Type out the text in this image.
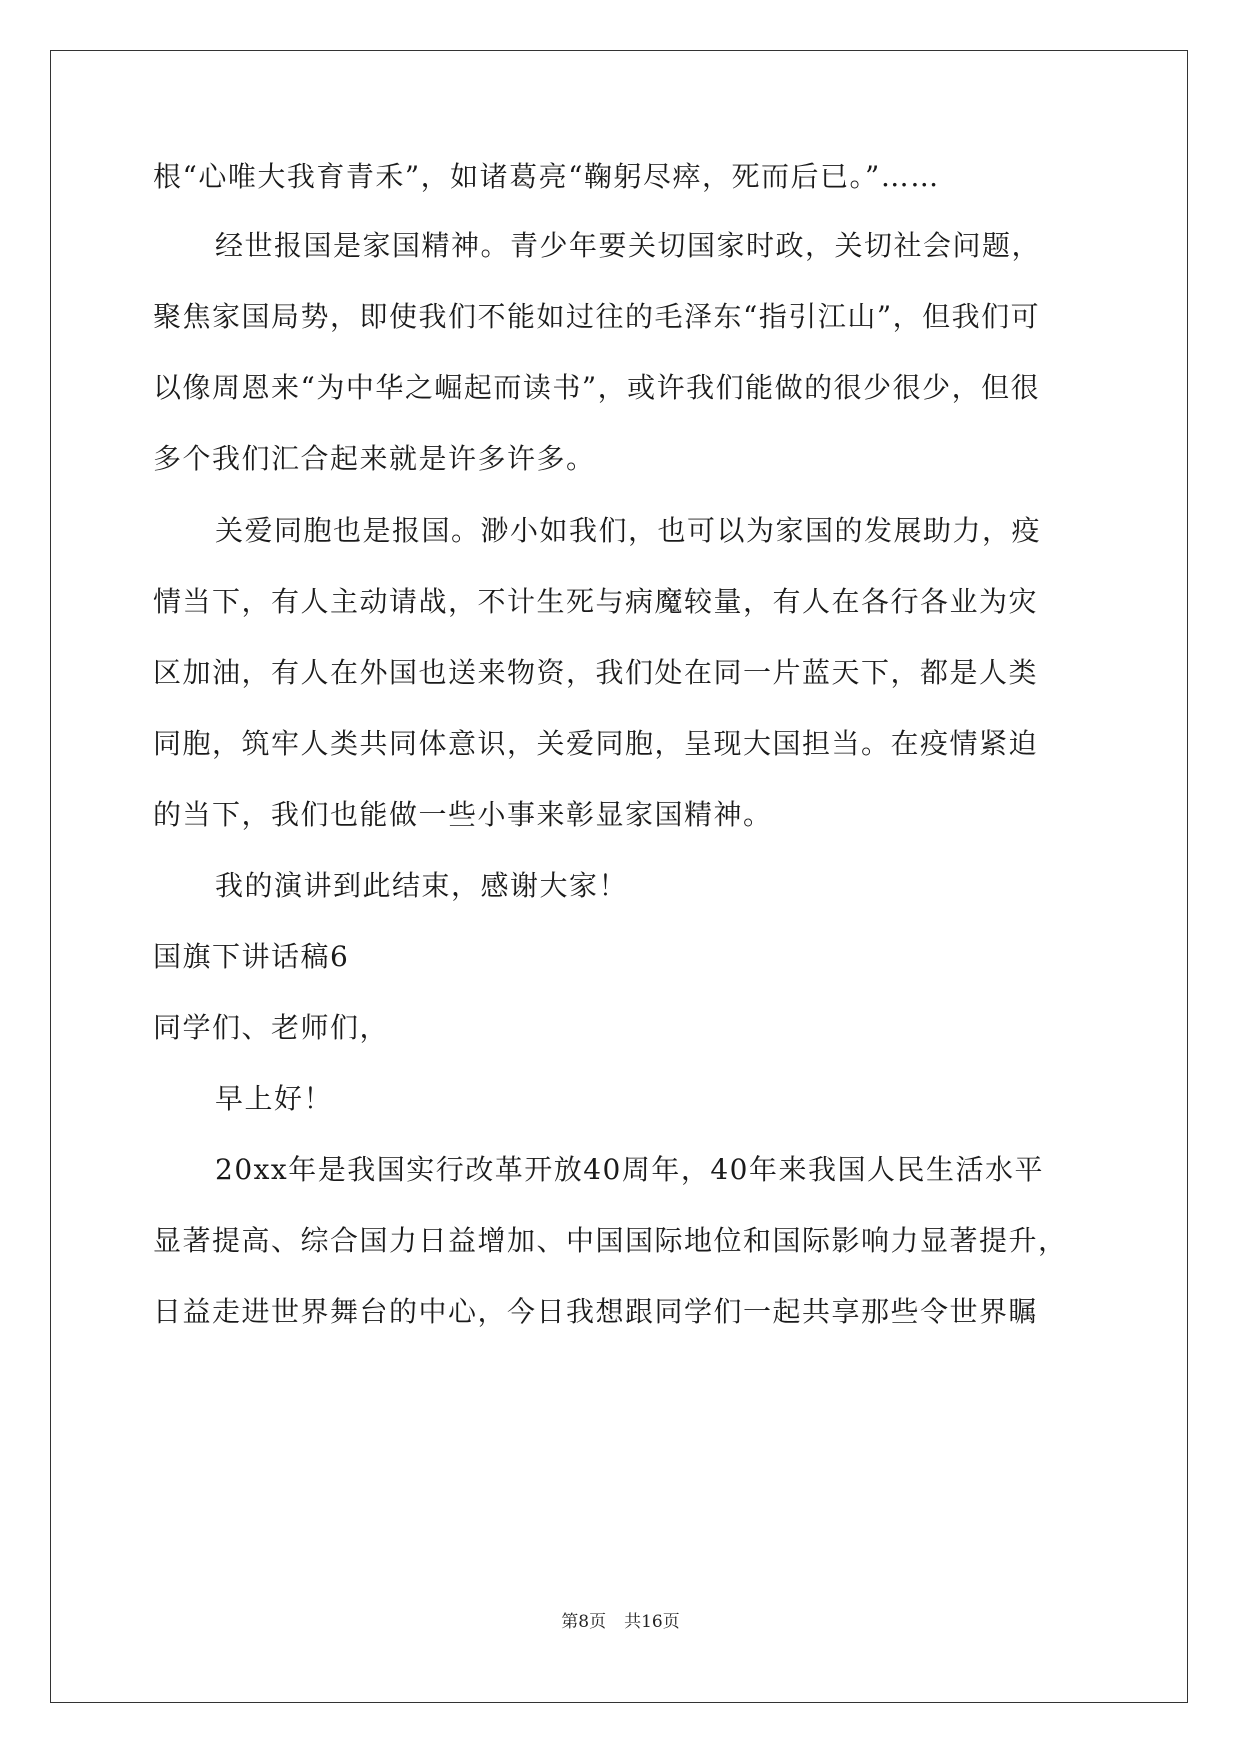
根“心唯大我育青禾”，如诸葛亮“鞠躬尽瘁，死而后已。”……
经世报国是家国精神。青少年要关切国家时政，关切社会问题，
聚焦家国局势，即使我们不能如过往的毛泽东“指引江山”，但我们可
以像周恩来“为中华之崛起而读书”，或许我们能做的很少很少，但很
多个我们汇合起来就是许多许多。
关爱同胞也是报国。渺小如我们，也可以为家国的发展助力，疫
情当下，有人主动请战，不计生死与病魔较量，有人在各行各业为灾
区加油，有人在外国也送来物资，我们处在同一片蓝天下，都是人类
同胞，筑牢人类共同体意识，关爱同胞，呈现大国担当。在疫情紧迫
的当下，我们也能做一些小事来彰显家国精神。
我的演讲到此结束，感谢大家！
国旗下讲话稿6
同学们、老师们，
早上好！
20xx年是我国实行改革开放40周年，40年来我国人民生活水平
显著提高、综合国力日益增加、中国国际地位和国际影响力显著提升，
日益走进世界舞台的中心，今日我想跟同学们一起共享那些令世界瞩
第8页 共16页
